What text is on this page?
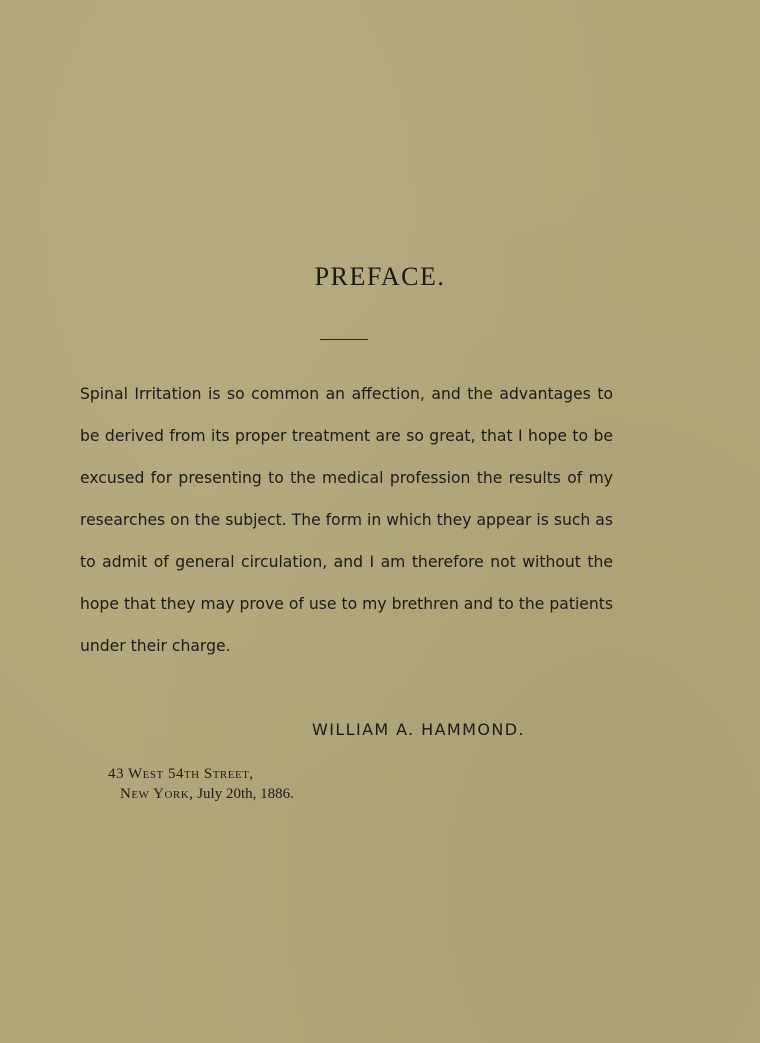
PREFACE.

Spinal Irritation is so common an affection, and the advantages to be derived from its proper treatment are so great, that I hope to be excused for presenting to the medical profession the results of my researches on the subject. The form in which they appear is such as to admit of general circulation, and I am therefore not without the hope that they may prove of use to my brethren and to the patients under their charge.

WILLIAM A. HAMMOND.

43 West 54th Street,
New York, July 20th, 1886.
